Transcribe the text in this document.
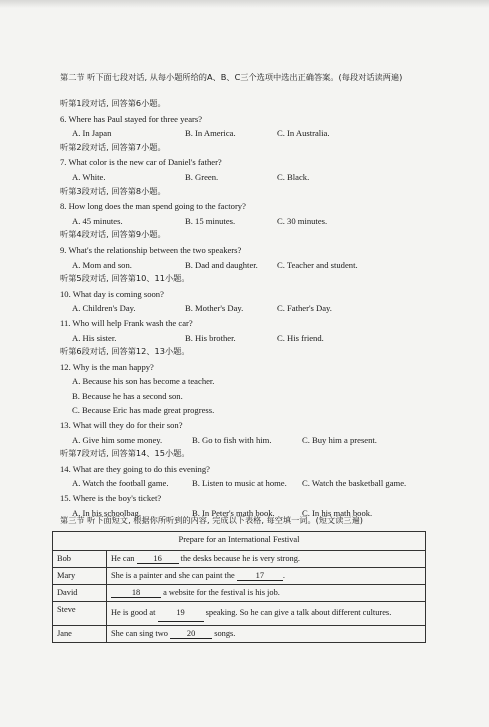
第二节 听下面七段对话, 从每小题所给的A、B、C三个选项中选出正确答案。(每段对话读两遍)
听第1段对话, 回答第6小题。
6. Where has Paul stayed for three years?
A. In Japan	B. In America.	C. In Australia.
听第2段对话, 回答第7小题。
7. What color is the new car of Daniel's father?
A. White.	B. Green.	C. Black.
听第3段对话, 回答第8小题。
8. How long does the man spend going to the factory?
A. 45 minutes.	B. 15 minutes.	C. 30 minutes.
听第4段对话, 回答第9小题。
9. What's the relationship between the two speakers?
A. Mom and son.	B. Dad and daughter.	C. Teacher and student.
听第5段对话, 回答第10、11小题。
10. What day is coming soon?
A. Children's Day.	B. Mother's Day.	C. Father's Day.
11. Who will help Frank wash the car?
A. His sister.	B. His brother.	C. His friend.
听第6段对话, 回答第12、13小题。
12. Why is the man happy?
A. Because his son has become a teacher.
B. Because he has a second son.
C. Because Eric has made great progress.
13. What will they do for their son?
A. Give him some money.	B. Go to fish with him.	C. Buy him a present.
听第7段对话, 回答第14、15小题。
14. What are they going to do this evening?
A. Watch the football game.	B. Listen to music at home.	C. Watch the basketball game.
15. Where is the boy's ticket?
A. In his schoolbag.	B. In Peter's math book.	C. In his math book.
第三节 听下面短文, 根据你所听到的内容, 完成以下表格, 每空填一词。(短文读三遍)
Prepare for an International Festival	
Bob	He can 16 the desks because he is very strong.
Mary	She is a painter and she can paint the 17 .
David	18 a website for the festival is his job.
Steve	He is good at 19 speaking. So he can give a talk about different cultures.
Jane	She can sing two 20 songs.
